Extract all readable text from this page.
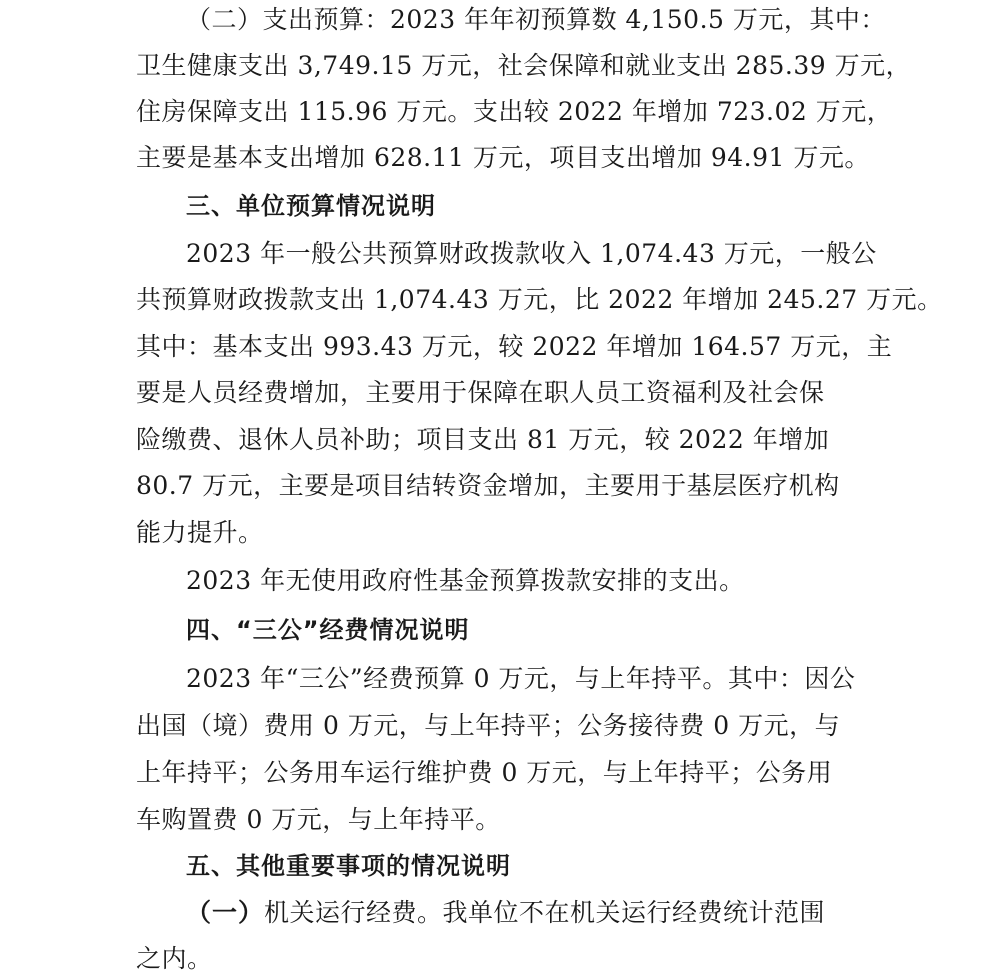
（二）支出预算：2023 年年初预算数 4,150.5 万元，其中：
卫生健康支出 3,749.15 万元，社会保障和就业支出 285.39 万元，
住房保障支出 115.96 万元。支出较 2022 年增加 723.02 万元，
主要是基本支出增加 628.11 万元，项目支出增加 94.91 万元。
三、单位预算情况说明
2023 年一般公共预算财政拨款收入 1,074.43 万元，一般公
共预算财政拨款支出 1,074.43 万元，比 2022 年增加 245.27 万元。
其中：基本支出 993.43 万元，较 2022 年增加 164.57 万元，主
要是人员经费增加，主要用于保障在职人员工资福利及社会保
险缴费、退休人员补助；项目支出 81 万元，较 2022 年增加
80.7 万元，主要是项目结转资金增加，主要用于基层医疗机构
能力提升。
2023 年无使用政府性基金预算拨款安排的支出。
四、“三公”经费情况说明
2023 年“三公”经费预算 0 万元，与上年持平。其中：因公
出国（境）费用 0 万元，与上年持平；公务接待费 0 万元，与
上年持平；公务用车运行维护费 0 万元，与上年持平；公务用
车购置费 0 万元，与上年持平。
五、其他重要事项的情况说明
（一）机关运行经费。我单位不在机关运行经费统计范围
之内。
